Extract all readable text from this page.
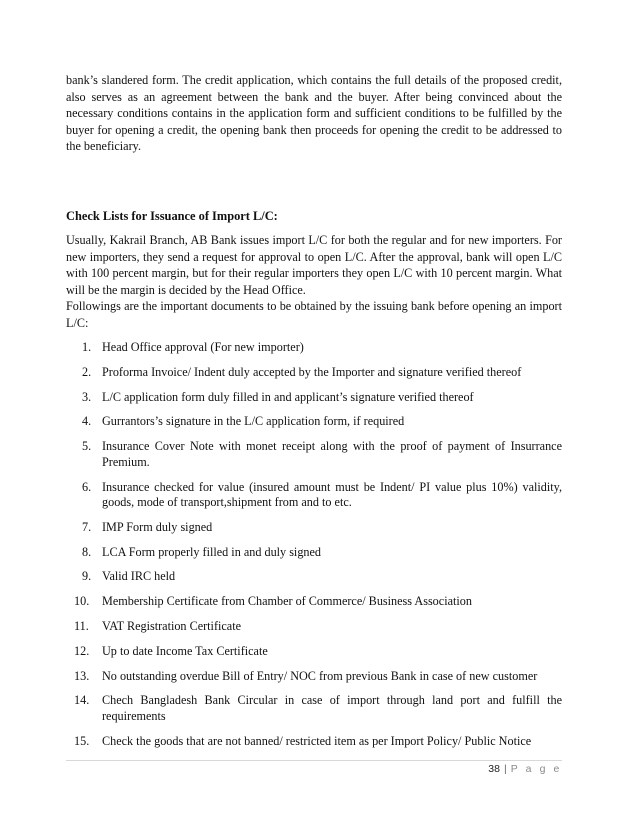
bank’s slandered form. The credit application, which contains the full details of the proposed credit, also serves as an agreement between the bank and the buyer. After being convinced about the necessary conditions contains in the application form and sufficient conditions to be fulfilled by the buyer for opening a credit, the opening bank then proceeds for opening the credit to be addressed to the beneficiary.

Check Lists for Issuance of Import L/C:

Usually, Kakrail Branch, AB Bank issues import L/C for both the regular and for new importers. For new importers, they send a request for approval to open L/C. After the approval, bank will open L/C with 100 percent margin, but for their regular importers they open L/C with 10 percent margin. What will be the margin is decided by the Head Office.

Followings are the important documents to be obtained by the issuing bank before opening an import L/C:

1. Head Office approval (For new importer)
2. Proforma Invoice/ Indent duly accepted by the Importer and signature verified thereof
3. L/C application form duly filled in and applicant’s signature verified thereof
4. Gurrantors’s signature in the L/C application form, if required
5. Insurance Cover Note with monet receipt along with the proof of payment of Insurrance Premium.
6. Insurance checked for value (insured amount must be Indent/ PI value plus 10%) validity, goods, mode of transport,shipment from and to etc.
7. IMP Form duly signed
8. LCA Form properly filled in and duly signed
9. Valid IRC held
10. Membership Certificate from Chamber of Commerce/ Business Association
11. VAT Registration Certificate
12. Up to date Income Tax Certificate
13. No outstanding overdue Bill of Entry/ NOC from previous Bank in case of new customer
14. Chech Bangladesh Bank Circular in case of import through land port and fulfill the requirements
15. Check the goods that are not banned/ restricted item as per Import Policy/ Public Notice
38 | P a g e
